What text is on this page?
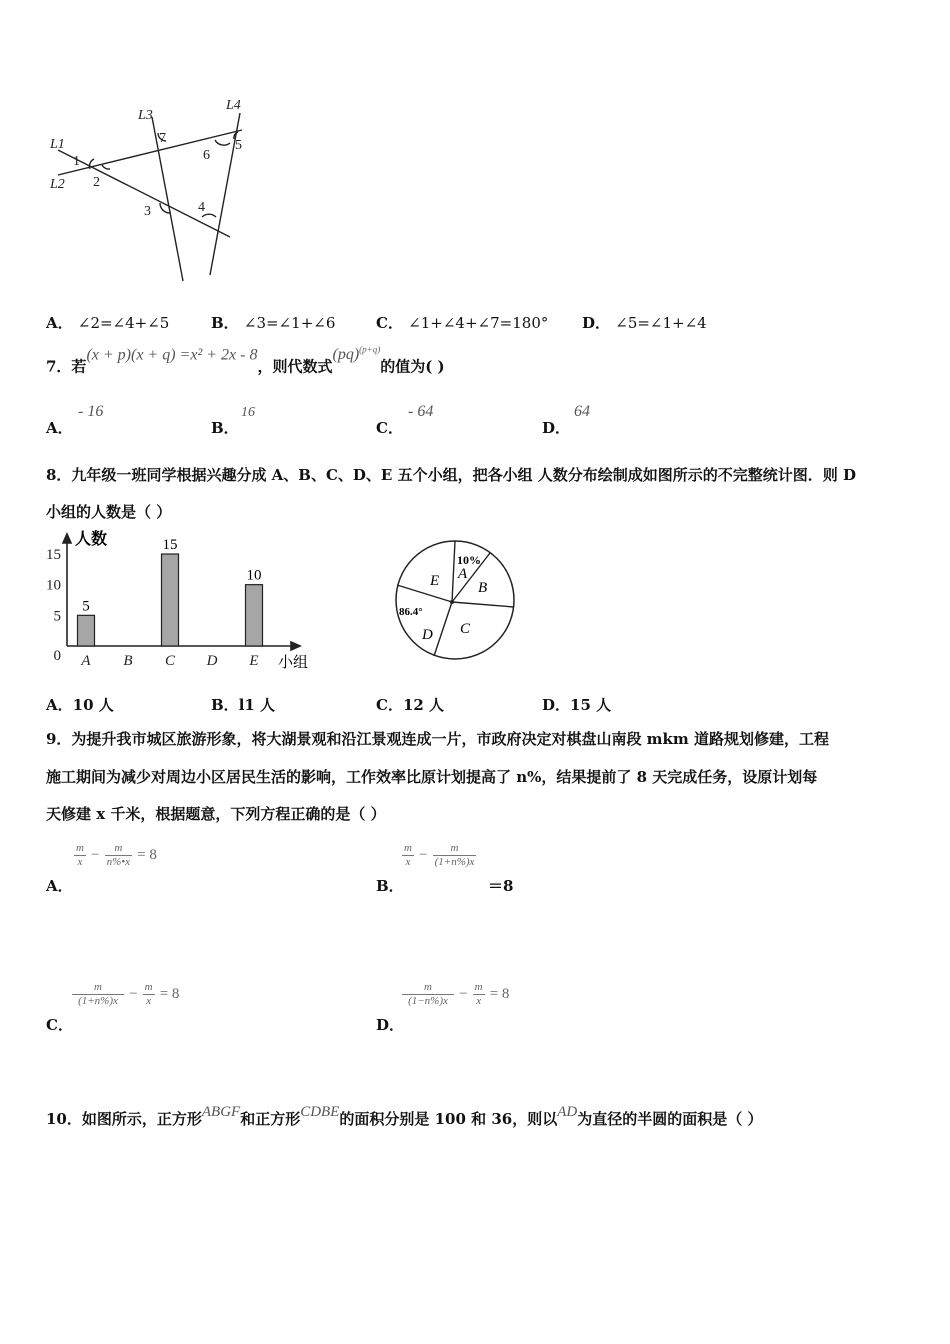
L1
L2
L3
L4
1
2
3	4
5
6
7
A． ∠2=∠4+∠5	B． ∠3=∠1+∠6	C． ∠1+∠4+∠7=180° D． ∠5=∠1+∠4
7．若(x + p)(x + q) =x² + 2x - 8，则代数式(pq)$^{(p+q)}$的值为( )
A．
- 16
B．
16
C．
- 64
D．
64
8．九年级一班同学根据兴趣分成 A、B、C、D、E 五个小组，把各小组 人数分布绘制成如图所示的不完整统计图．则 D
小组的人数是（ ）
人数
小组
0
5
10
15
5
15
10
A B C D E
10%
A
B
C
D
E
86.4°
A．10 人	B．l1 人	C．12 人	D．15 人
9．为提升我市城区旅游形象，将大湖景观和沿江景观连成一片，市政府决定对棋盘山南段 mkm 道路规划修建，工程
施工期间为减少对周边小区居民生活的影响，工作效率比原计划提高了 n%，结果提前了 8 天完成任务，设原计划每
天修建 x 千米，根据题意，下列方程正确的是（ ）
$\frac{m}{x} - \frac{m}{n\%•x} = 8$
A．
$\frac{m}{x} - \frac{m}{(1+n\%)x}$
B．	＝8
$\frac{m}{(1+n\%)x} - \frac{m}{x} = 8$
C．
$\frac{m}{(1-n\%)x} - \frac{m}{x} = 8$
D．
10．如图所示，正方形ABGF和正方形CDBE的面积分别是 100 和 36，则以AD为直径的半圆的面积是（ ）
